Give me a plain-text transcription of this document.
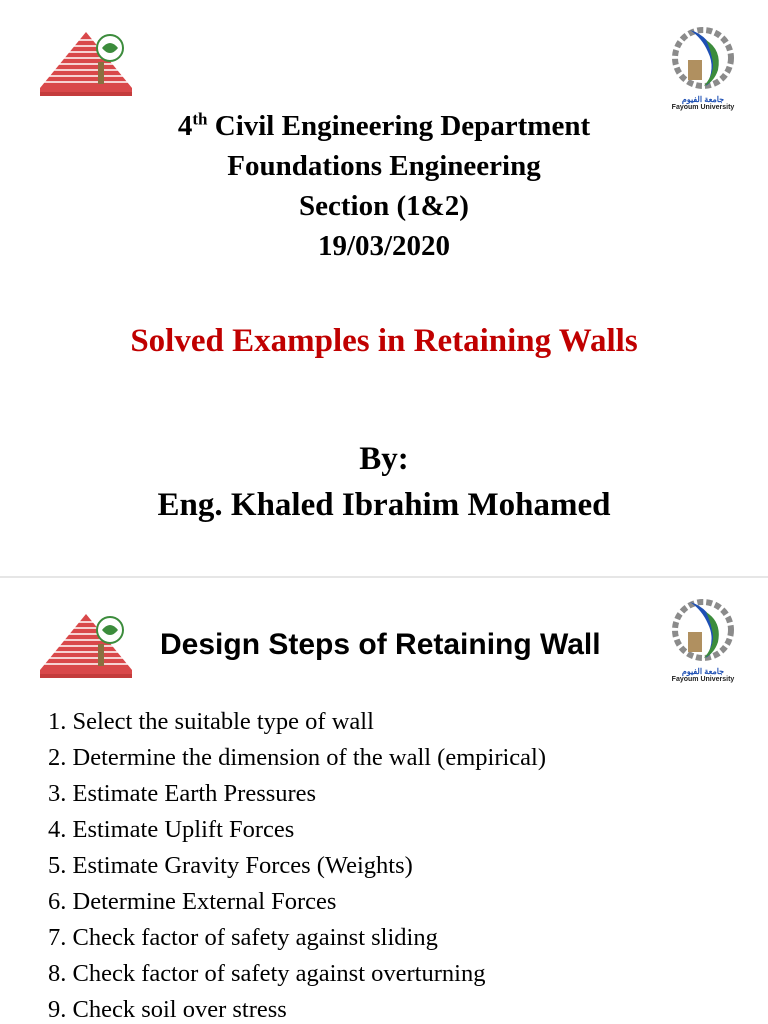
جامعة الفيوم
Fayoum University
4th Civil Engineering Department
Foundations Engineering
Section (1&2)
19/03/2020
Solved Examples in Retaining Walls
By:
Eng. Khaled Ibrahim Mohamed
جامعة الفيوم
Fayoum University
Design Steps of Retaining Wall
1. Select the suitable type of wall
2. Determine the dimension of the wall (empirical)
3. Estimate Earth Pressures
4. Estimate Uplift Forces
5. Estimate Gravity Forces (Weights)
6. Determine External Forces
7. Check factor of safety against sliding
8. Check factor of safety against overturning
9. Check soil over stress
